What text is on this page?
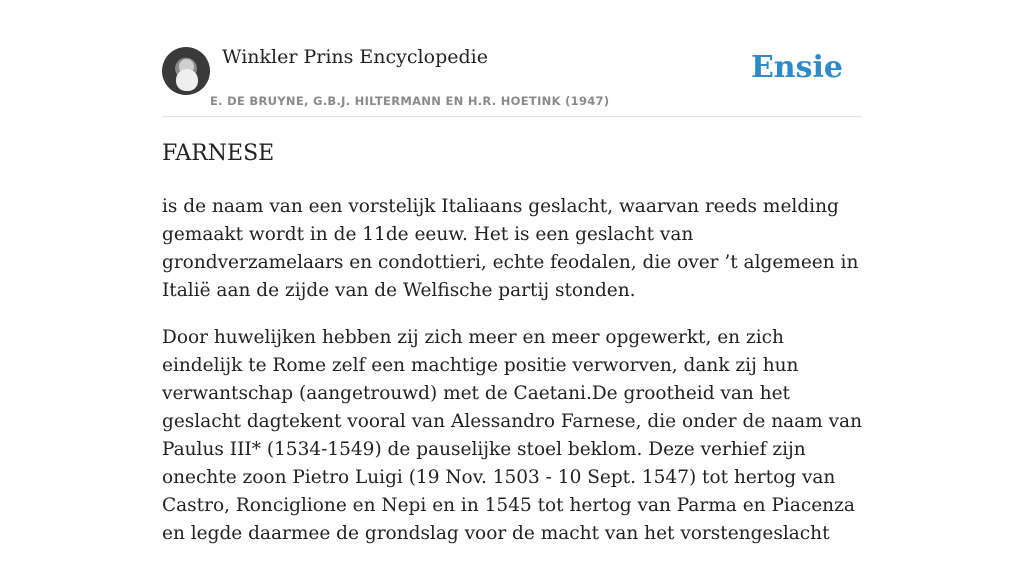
Winkler Prins Encyclopedie
E. DE BRUYNE, G.B.J. HILTERMANN EN H.R. HOETINK (1947)
Ensie
FARNESE

is de naam van een vorstelijk Italiaans geslacht, waarvan reeds melding gemaakt wordt in de 11de eeuw. Het is een geslacht van grondverzamelaars en condottieri, echte feodalen, die over ’t algemeen in Italië aan de zijde van de Welfische partij stonden.

Door huwelijken hebben zij zich meer en meer opgewerkt, en zich eindelijk te Rome zelf een machtige positie verworven, dank zij hun verwantschap (aangetrouwd) met de Caetani.De grootheid van het geslacht dagtekent vooral van Alessandro Farnese, die onder de naam van Paulus III* (1534-1549) de pauselijke stoel beklom. Deze verhief zijn onechte zoon Pietro Luigi (19 Nov. 1503 - 10 Sept. 1547) tot hertog van Castro, Ronciglione en Nepi en in 1545 tot hertog van Parma en Piacenza en legde daarmee de grondslag voor de macht van het vorstengeslacht
